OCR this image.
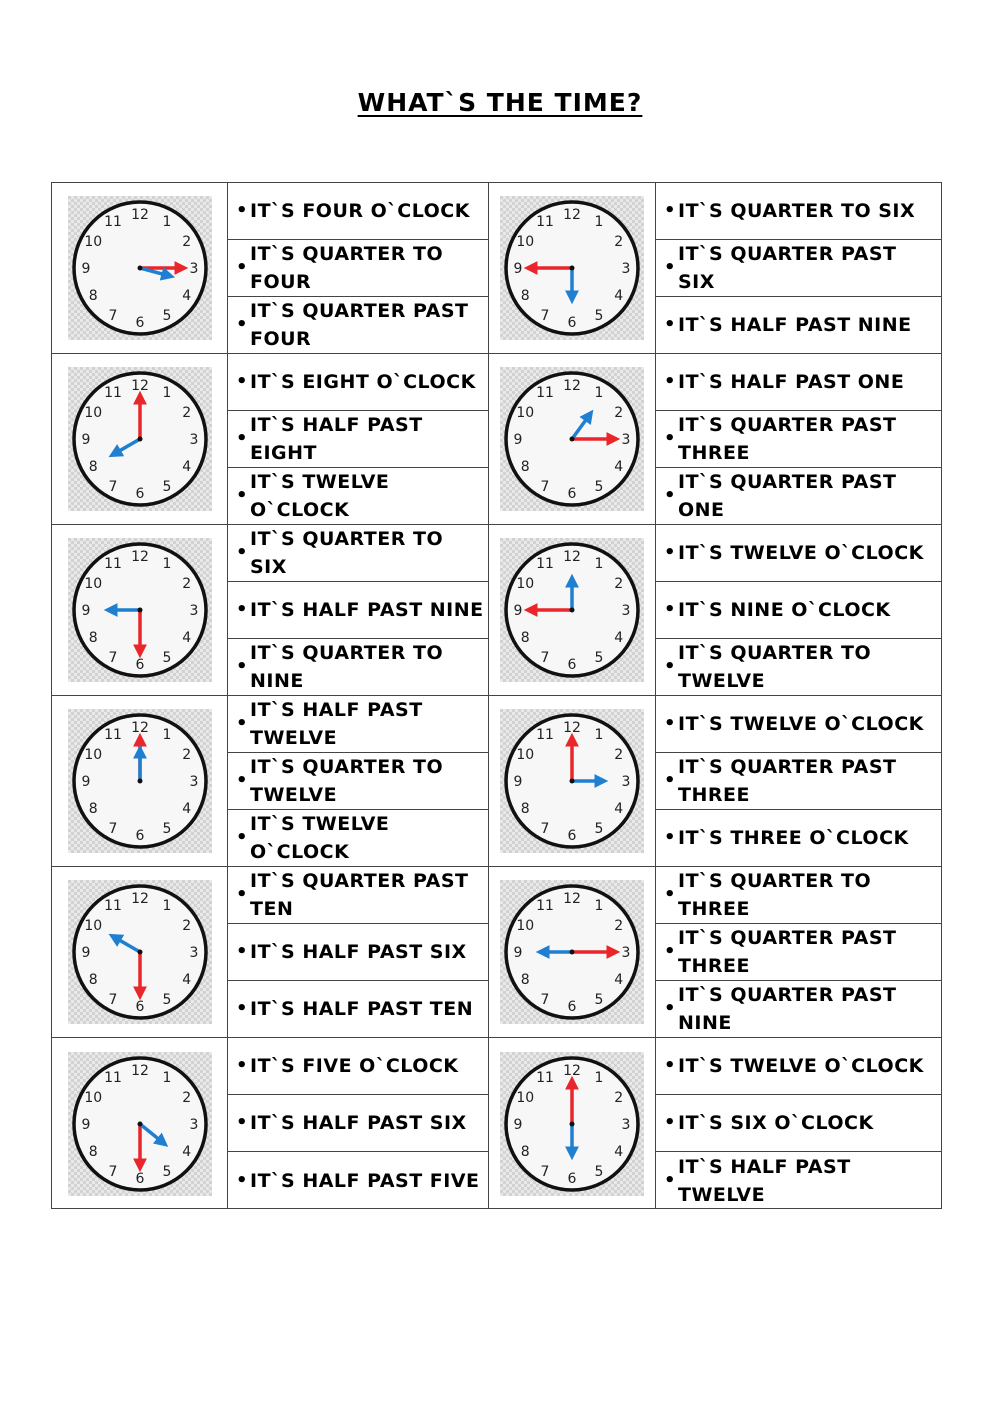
WHAT`S THE TIME?
12 1
2
3
4
5
6
7
8
9
10
11
• IT`S FOUR O`CLOCK
•
IT`S QUARTER TO FOUR
•
IT`S QUARTER PAST FOUR
12 1
2
3
4
5
6
7
8
9
10
11
• IT`S QUARTER TO SIX
•
IT`S QUARTER PAST SIX
• IT`S HALF PAST NINE
12 1
2
3
4
5
6
7
8
9
10
11
• IT`S EIGHT O`CLOCK
•
IT`S HALF PAST EIGHT
•
IT`S TWELVE O`CLOCK
12 1
2
3
4
5
6
7
8
9
10
11
• IT`S HALF PAST ONE
•
IT`S QUARTER PAST THREE
•
IT`S QUARTER PAST ONE
12 1
2
3
4
5
6
7
8
9
10
11
•
IT`S QUARTER TO SIX
• IT`S HALF PAST NINE
•
IT`S QUARTER TO NINE
12 1
2
3
4
5
6
7
8
9
10
11
• IT`S TWELVE O`CLOCK
• IT`S NINE O`CLOCK
•
IT`S QUARTER TO TWELVE
12 1
2
3
4
5
6
7
8
9
10
11
•
IT`S HALF PAST TWELVE
•
IT`S QUARTER TO TWELVE
•
IT`S TWELVE O`CLOCK
12 1
2
3
4
5
6
7
8
9
10
11
• IT`S TWELVE O`CLOCK
•
IT`S QUARTER PAST THREE
• IT`S THREE O`CLOCK
12 1
2
3
4
5
6
7
8
9
10
11
•
IT`S QUARTER PAST TEN
• IT`S HALF PAST SIX
• IT`S HALF PAST TEN
12 1
2
3
4
5
6
7
8
9
10
11
•
IT`S QUARTER TO THREE
•
IT`S QUARTER PAST THREE
•
IT`S QUARTER PAST NINE
12 1
2
3
4
5
6
7
8
9
10
11
• IT`S FIVE O`CLOCK
• IT`S HALF PAST SIX
• IT`S HALF PAST FIVE
12 1
2
3
4
5
6
7
8
9
10
11
• IT`S TWELVE O`CLOCK
• IT`S SIX O`CLOCK
•
IT`S HALF PAST TWELVE
